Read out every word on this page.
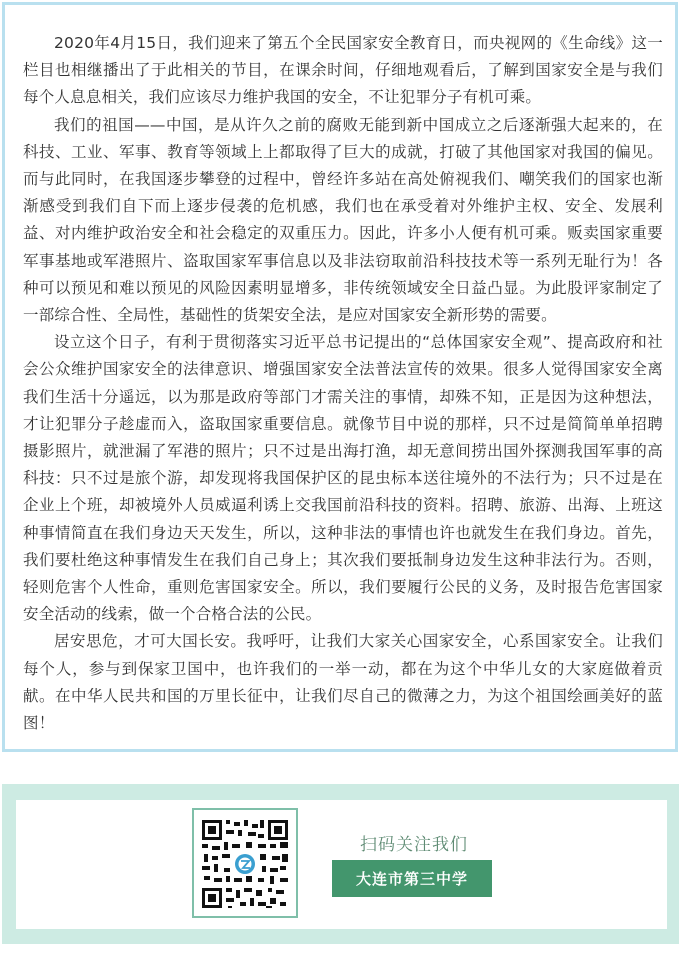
2020年4月15日，我们迎来了第五个全民国家安全教育日，而央视网的《生命线》这一栏目也相继播出了于此相关的节目，在课余时间，仔细地观看后，了解到国家安全是与我们每个人息息相关，我们应该尽力维护我国的安全，不让犯罪分子有机可乘。

我们的祖国——中国，是从许久之前的腐败无能到新中国成立之后逐渐强大起来的，在科技、工业、军事、教育等领域上上都取得了巨大的成就，打破了其他国家对我国的偏见。而与此同时，在我国逐步攀登的过程中，曾经许多站在高处俯视我们、嘲笑我们的国家也渐渐感受到我们自下而上逐步侵袭的危机感，我们也在承受着对外维护主权、安全、发展利益、对内维护政治安全和社会稳定的双重压力。因此，许多小人便有机可乘。贩卖国家重要军事基地或军港照片、盗取国家军事信息以及非法窃取前沿科技技术等一系列无耻行为！各种可以预见和难以预见的风险因素明显增多，非传统领域安全日益凸显。为此股评家制定了一部综合性、全局性，基础性的货架安全法，是应对国家安全新形势的需要。

设立这个日子，有利于贯彻落实习近平总书记提出的“总体国家安全观”、提高政府和社会公众维护国家安全的法律意识、增强国家安全法普法宣传的效果。很多人觉得国家安全离我们生活十分遥远，以为那是政府等部门才需关注的事情，却殊不知，正是因为这种想法，才让犯罪分子趁虚而入，盗取国家重要信息。就像节目中说的那样，只不过是简简单单招聘摄影照片，就泄漏了军港的照片；只不过是出海打渔，却无意间捞出国外探测我国军事的高科技：只不过是旅个游，却发现将我国保护区的昆虫标本送往境外的不法行为；只不过是在企业上个班，却被境外人员威逼利诱上交我国前沿科技的资料。招聘、旅游、出海、上班这种事情简直在我们身边天天发生，所以，这种非法的事情也许也就发生在我们身边。首先，我们要杜绝这种事情发生在我们自己身上；其次我们要抵制身边发生这种非法行为。否则，轻则危害个人性命，重则危害国家安全。所以，我们要履行公民的义务，及时报告危害国家安全活动的线索，做一个合格合法的公民。

居安思危，才可大国长安。我呼吁，让我们大家关心国家安全，心系国家安全。让我们每个人，参与到保家卫国中，也许我们的一举一动，都在为这个中华儿女的大家庭做着贡献。在中华人民共和国的万里长征中，让我们尽自己的微薄之力，为这个祖国绘画美好的蓝图！

扫码关注我们
大连市第三中学
